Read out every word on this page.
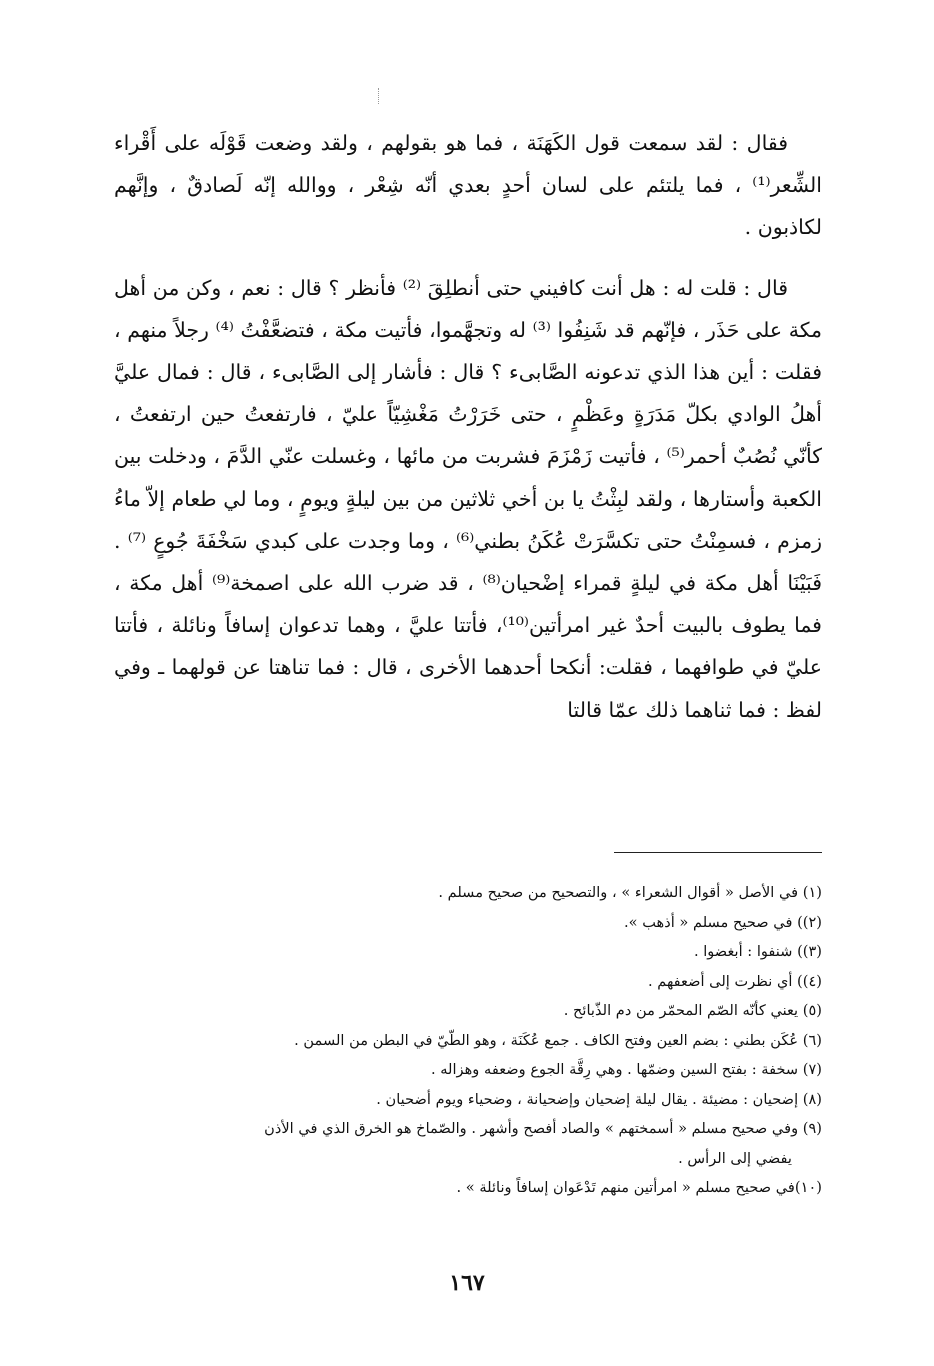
فقال : لقد سمعت قول الكَهَنَة ، فما هو بقولهم ، ولقد وضعت قَوْلَه على أَقْراء الشِّعر⁽¹⁾ ، فما يلتئم على لسان أحدٍ بعدي أنّه شِعْر ، ووالله إنّه لَصادقٌ ، وإنَّهم لكاذبون .

قال : قلت له : هل أنت كافيني حتى أنطلِقَ ⁽²⁾ فأنظر ؟ قال : نعم ، وكن من أهل مكة على حَذَر ، فإنّهم قد شَنِفُوا ⁽³⁾ له وتجهَّموا، فأتيت مكة ، فتضعَّفْتُ ⁽⁴⁾ رجلاً منهم ، فقلت : أين هذا الذي تدعونه الصَّابىء ؟ قال : فأشار إلى الصَّابىء ، قال : فمال عليَّ أهلُ الوادي بكلّ مَدَرَةٍ وعَظْمٍ ، حتى خَرَرْتُ مَغْشِيّاً عليّ ، فارتفعتُ حين ارتفعتُ ، كأنّي نُصُبٌ أحمر⁽⁵⁾ ، فأتيت زَمْزَمَ فشربت من مائها ، وغسلت عنّي الدَّمَ ، ودخلت بين الكعبة وأستارها ، ولقد لبِثْتُ يا بن أخي ثلاثين من بين ليلةٍ ويومٍ ، وما لي طعام إلاّ ماءُ زمزم ، فسمِنْتُ حتى تكسَّرَتْ عُكَنُ بطني⁽⁶⁾ ، وما وجدت على كبدي سَخْفَةَ جُوعٍ ⁽⁷⁾ . فَبَيْنَا أهل مكة في ليلةٍ قمراء إضْحيان⁽⁸⁾ ، قد ضرب الله على اصمخة⁽⁹⁾ أهل مكة ، فما يطوف بالبيت أحدٌ غير امرأتين⁽¹⁰⁾، فأتتا عليَّ ، وهما تدعوان إسافاً ونائلة ، فأتتا عليّ في طوافهما ، فقلت: أنكحا أحدهما الأخرى ، قال : فما تناهتا عن قولهما ـ وفي لفظ : فما ثناهما ذلك عمّا قالتا

(١) في الأصل « أقوال الشعراء » ، والتصحيح من صحيح مسلم .

(٢)) في صحيح مسلم « أذهب ».

(٣)) شنفوا : أبغضوا .

(٤)) أي نظرت إلى أضعفهم .

(٥) يعني كأنّه الصّم المحمّر من دم الذّبائح .

(٦) عُكَن بطني : بضم العين وفتح الكاف . جمع عُكَنَة ، وهو الطّيّ في البطن من السمن .

(٧) سخفة : بفتح السين وضمّها . وهي رِقَّة الجوع وضعفه وهزاله .

(٨) إضحيان : مضيئة . يقال ليلة إضحيان وإضحيانة ، وضحياء ويوم أضحيان .

(٩) وفي صحيح مسلم « أسمختهم » والصاد أفصح وأشهر . والصّماخ هو الخرق الذي في الأذن

يفضي إلى الرأس .

(١٠)في صحيح مسلم « امرأتين منهم تَدْعَوان إسافاً ونائلة » .

١٦٧
